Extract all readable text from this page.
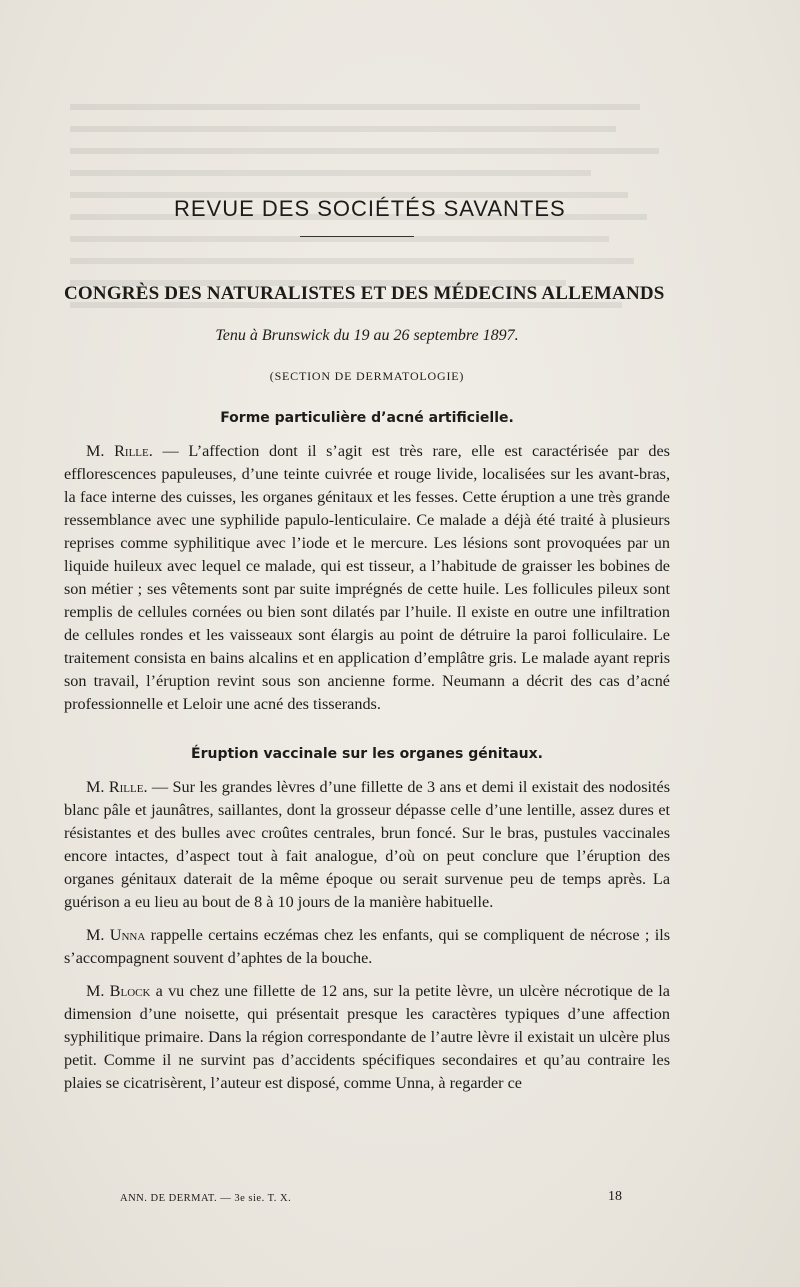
REVUE DES SOCIÉTÉS SAVANTES
CONGRÈS DES NATURALISTES ET DES MÉDECINS ALLEMANDS
Tenu à Brunswick du 19 au 26 septembre 1897.
(SECTION DE DERMATOLOGIE)
Forme particulière d’acné artificielle.

M. Rille. — L’affection dont il s’agit est très rare, elle est caractérisée par des efflorescences papuleuses, d’une teinte cuivrée et rouge livide, localisées sur les avant-bras, la face interne des cuisses, les organes génitaux et les fesses. Cette éruption a une très grande ressemblance avec une syphilide papulo-lenticulaire. Ce malade a déjà été traité à plusieurs reprises comme syphilitique avec l’iode et le mercure. Les lésions sont provoquées par un liquide huileux avec lequel ce malade, qui est tisseur, a l’habitude de graisser les bobines de son métier ; ses vêtements sont par suite imprégnés de cette huile. Les follicules pileux sont remplis de cellules cornées ou bien sont dilatés par l’huile. Il existe en outre une infiltration de cellules rondes et les vaisseaux sont élargis au point de détruire la paroi folliculaire. Le traitement consista en bains alcalins et en application d’emplâtre gris. Le malade ayant repris son travail, l’éruption revint sous son ancienne forme. Neumann a décrit des cas d’acné professionnelle et Leloir une acné des tisserands.

Éruption vaccinale sur les organes génitaux.

M. Rille. — Sur les grandes lèvres d’une fillette de 3 ans et demi il existait des nodosités blanc pâle et jaunâtres, saillantes, dont la grosseur dépasse celle d’une lentille, assez dures et résistantes et des bulles avec croûtes centrales, brun foncé. Sur le bras, pustules vaccinales encore intactes, d’aspect tout à fait analogue, d’où on peut conclure que l’éruption des organes génitaux daterait de la même époque ou serait survenue peu de temps après. La guérison a eu lieu au bout de 8 à 10 jours de la manière habituelle.

M. Unna rappelle certains eczémas chez les enfants, qui se compliquent de nécrose ; ils s’accompagnent souvent d’aphtes de la bouche.

M. Block a vu chez une fillette de 12 ans, sur la petite lèvre, un ulcère nécrotique de la dimension d’une noisette, qui présentait presque les caractères typiques d’une affection syphilitique primaire. Dans la région correspondante de l’autre lèvre il existait un ulcère plus petit. Comme il ne survint pas d’accidents spécifiques secondaires et qu’au contraire les plaies se cicatrisèrent, l’auteur est disposé, comme Unna, à regarder ce

ANN. DE DERMAT. — 3e sie. T. X.	18
